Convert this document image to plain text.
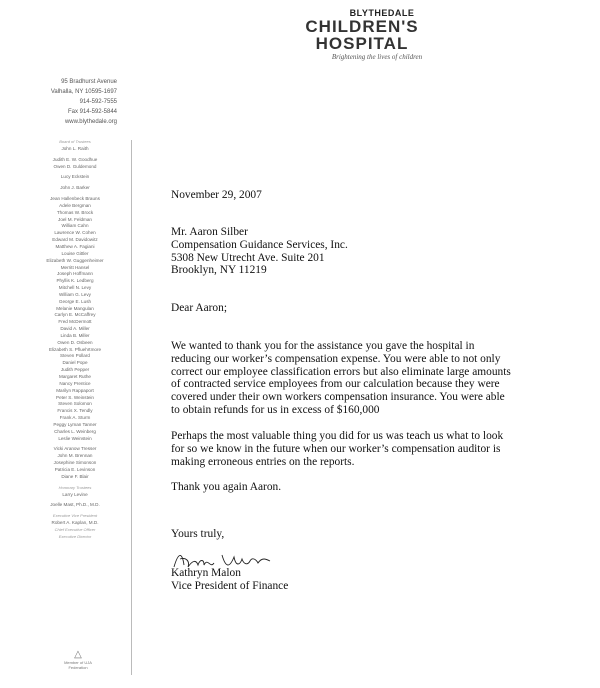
BLYTHEDALE
CHILDREN'S
HOSPITAL
Brightening the lives of children
95 Bradhurst Avenue
Valhalla, NY 10595-1697
914-592-7555
Fax 914-592-5844
www.blythedale.org
Board of Trustees
John L. Raith
Judith E. W. Goodhue
Owen D. Guldemond
Lucy Eckstein
John J. Barker
Jean Hallenbeck Brauns
Adele Bergman
Thomas W. Brock
Joel M. Feldman
William Cahn
Lawrence W. Cohen
Edward M. Davidowitz
Matthew A. Fagiani
Louise Gittler
Elizabeth W. Guggenheimer
Merritt Hansel
Joseph Hoffmann
Phyllis K. Ledberg
Mitchell N. Levy
William G. Levy
George E. Lush
Melanie Mangulan
Carlyn E. McCaffrey
Fred McDermott
David A. Miller
Linda B. Miller
Owen D. Osbeen
Elizabeth S. Pfluehrtmore
Steven Pollard
Daniel Pope
Judith Pepper
Margaret Ruthe
Nancy Prentice
Marilyn Rappaport
Peter S. Weinstein
Steven Solomon
Francis X. Tendly
Frank A. Sturm
Peggy Lyman Tanner
Charles L. Weinberg
Leslie Weinstein
Vicki Aranow Tresser
John M. Brennan
Josephine Simonson
Patricia E. Levinson
Diane F. Blair
Honorary Trustees
Larry Levine
Joelle Mast, Ph.D., M.D.
Executive Vice President
Robert A. Kaplan, M.D.
Chief Executive Officer
Executive Director
△
Member of UJA Federation
November 29, 2007
Mr. Aaron Silber
Compensation Guidance Services, Inc.
5308 New Utrecht Ave. Suite 201
Brooklyn, NY 11219
Dear Aaron;
We wanted to thank you for the assistance you gave the hospital in
reducing our worker’s compensation expense. You were able to not only
correct our employee classification errors but also eliminate large amounts
of contracted service employees from our calculation because they were
covered under their own workers compensation insurance. You were able
to obtain refunds for us in excess of $160,000
Perhaps the most valuable thing you did for us was teach us what to look
for so we know in the future when our worker’s compensation auditor is
making erroneous entries on the reports.
Thank you again Aaron.
Yours truly,
Kathryn Malon
Vice President of Finance
